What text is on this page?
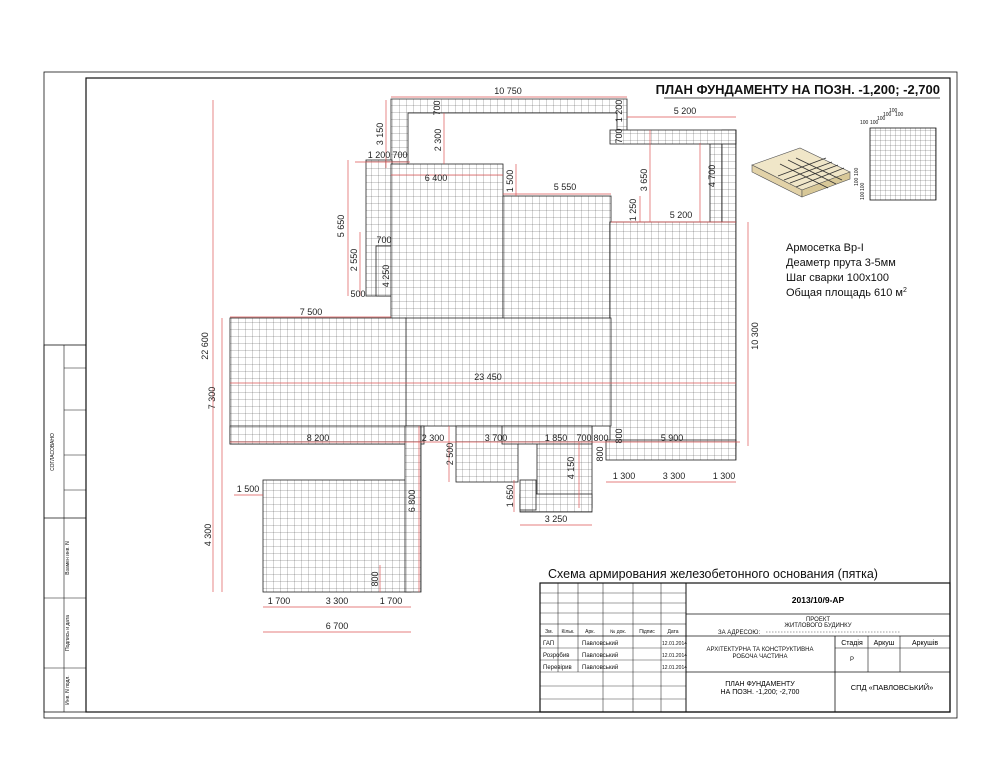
СОГЛАСОВАНО
Взамен инв. N
Подпись и дата
Инв. N подл.
ПЛАН ФУНДАМЕНТУ НА ПОЗН. -1,200; -2,700
10 750
5 200
700	1 200
700
3 150	2 300
1 200 700
6 400	1 500	5 550	3 650	4 700
1 250	5 200
5 650
700
2 550
4 250
500
7 500
22 600	10 300
7 300
23 450
8 200	2 300	3 700	1 850 700 800 800	5 900
2 500
4 150
800
1 300	3 300	1 300
1 500	1 650
6 800
3 250
4 300
800
1 700	3 300	1 700
6 700
100
100
100
100
100
100
100
100
100
100
Армосетка Вр-І
Деаметр прута 3-5мм
Шаг сварки 100х100
Общая площадь 610 $м^2$
Схема армирования железобетонного основания (пятка)
2013/10/9-АР
ПРОЕКТ
ЖИТЛОВОГО БУДИНКУ
ЗА АДРЕСОЮ:
АРХІТЕКТУРНА ТА КОНСТРУКТИВНА
РОБОЧА ЧАСТИНА
Стадія Аркуш	Аркушів
Р
ПЛАН ФУНДАМЕНТУ
НА ПОЗН. -1,200; -2,700
СПД «ПАВЛОВСЬКИЙ»
Зм. Кільк. Арк.	№ док.	Підпис	Дата
ГАП	Павловський	12.01.2014
Розробив Павловський	12.01.2014
Перевірив Павловський	12.01.2014
